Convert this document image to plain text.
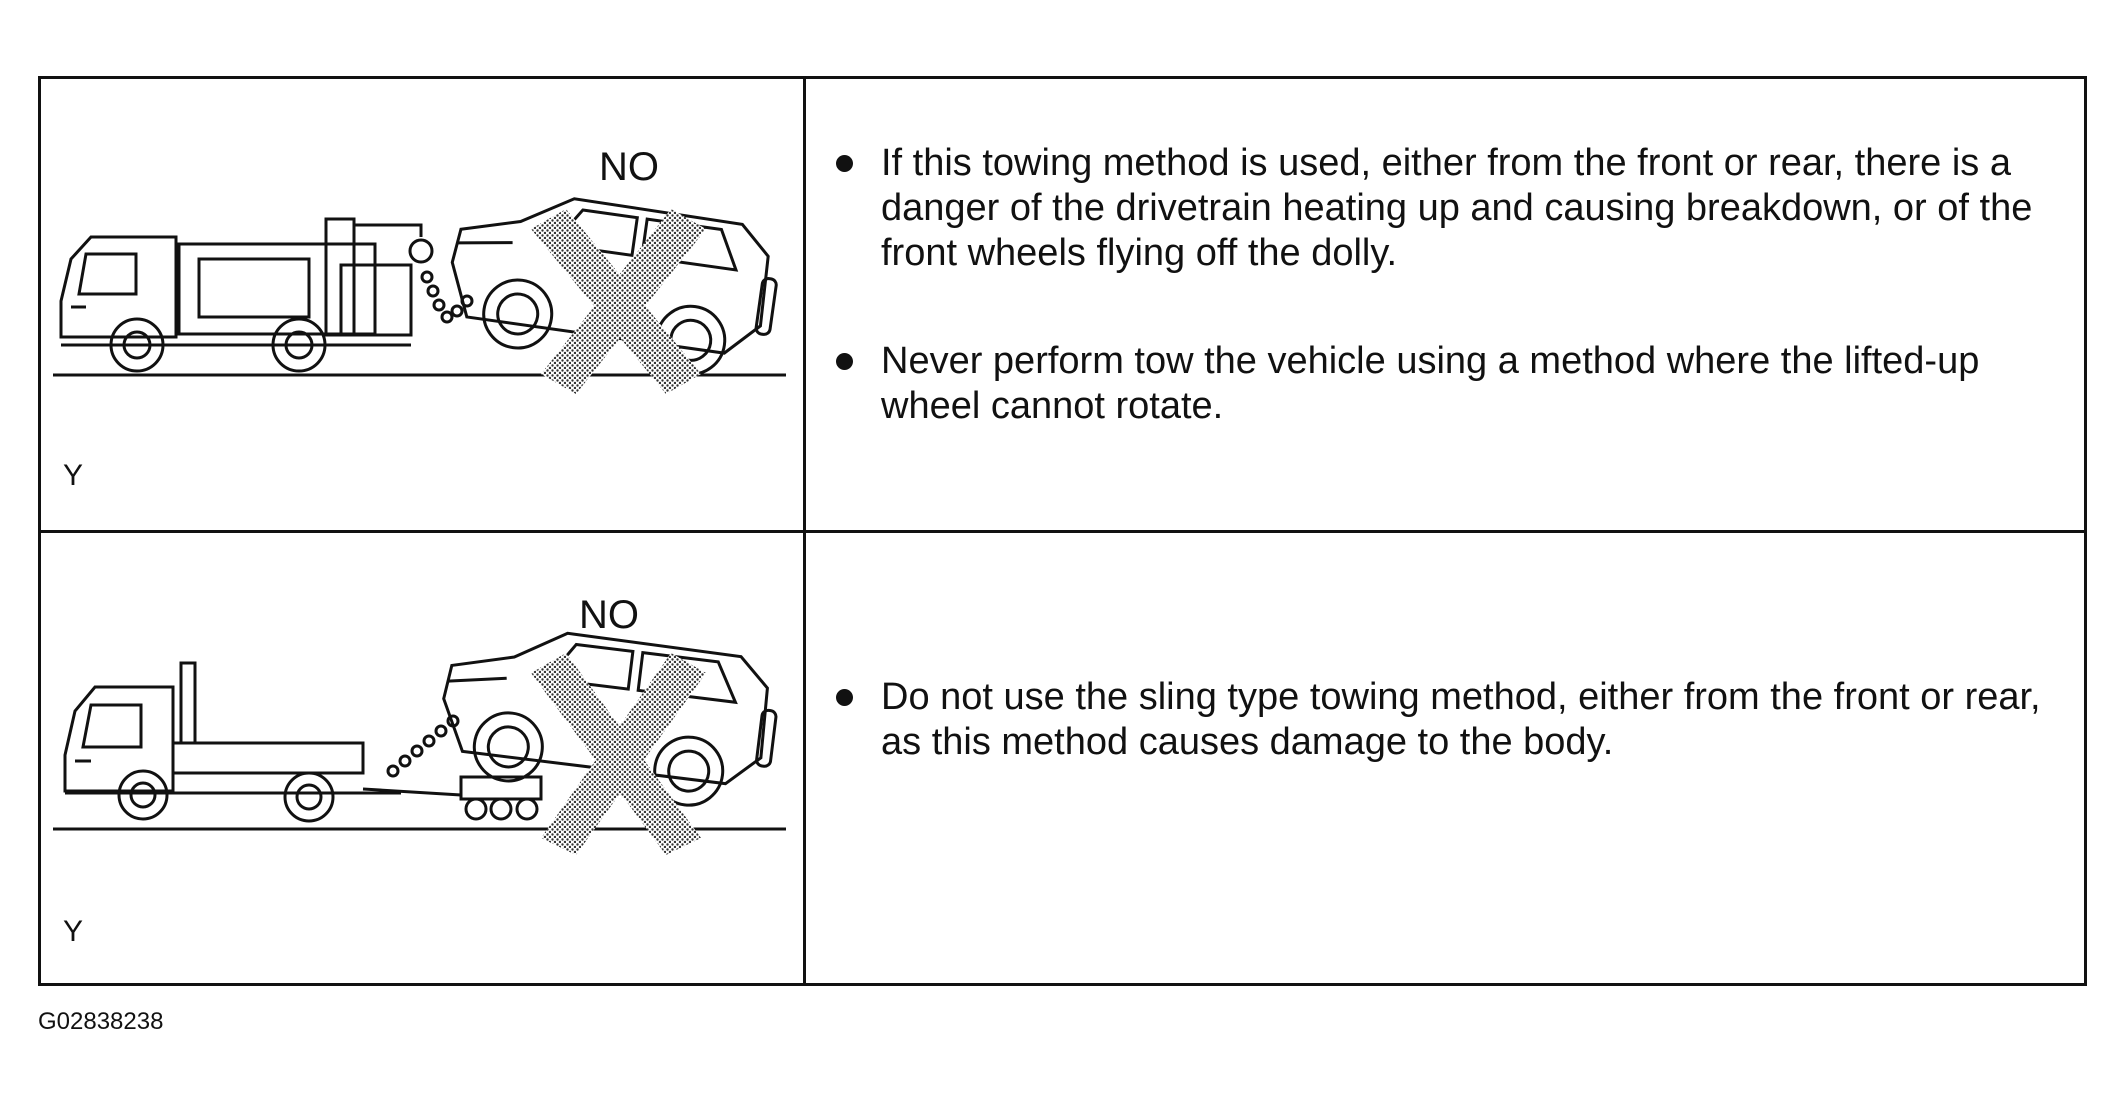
NO
Y
If this towing method is used, either from the front or rear, there is a danger of the drivetrain heating up and causing breakdown, or of the front wheels flying off the dolly.
Never perform tow the vehicle using a method where the lifted-up wheel cannot rotate.
NO
Y
Do not use the sling type towing method, either from the front or rear, as this method causes damage to the body.
G02838238
